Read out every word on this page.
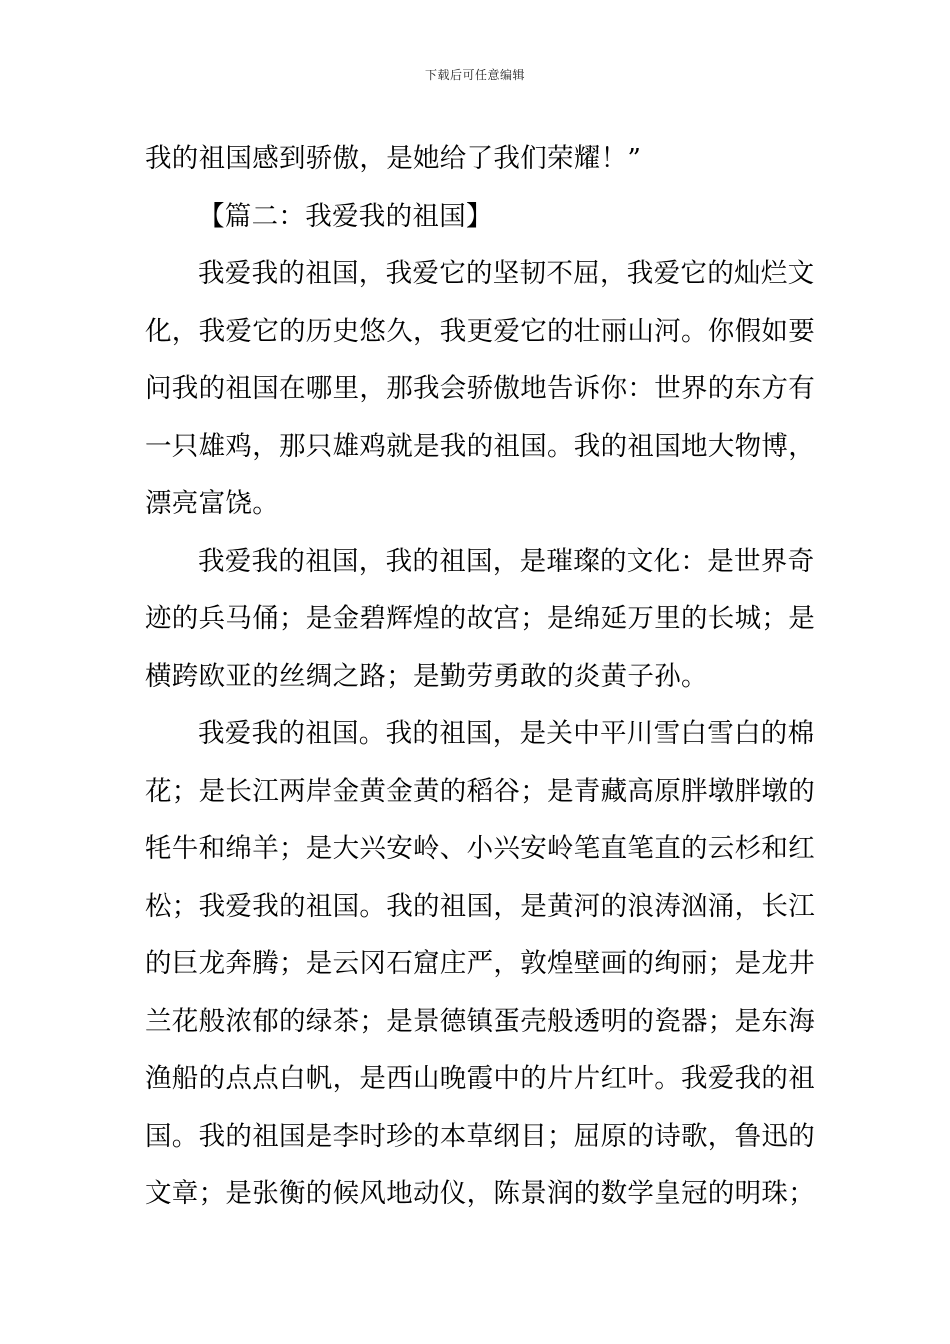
下载后可任意编辑
我的祖国感到骄傲，是她给了我们荣耀！”
【篇二：我爱我的祖国】
我爱我的祖国，我爱它的坚韧不屈，我爱它的灿烂文
化，我爱它的历史悠久，我更爱它的壮丽山河。你假如要
问我的祖国在哪里，那我会骄傲地告诉你：世界的东方有
一只雄鸡，那只雄鸡就是我的祖国。我的祖国地大物博，
漂亮富饶。
我爱我的祖国，我的祖国，是璀璨的文化：是世界奇
迹的兵马俑；是金碧辉煌的故宫；是绵延万里的长城；是
横跨欧亚的丝绸之路；是勤劳勇敢的炎黄子孙。
我爱我的祖国。我的祖国，是关中平川雪白雪白的棉
花；是长江两岸金黄金黄的稻谷；是青藏高原胖墩胖墩的
牦牛和绵羊；是大兴安岭、小兴安岭笔直笔直的云杉和红
松；我爱我的祖国。我的祖国，是黄河的浪涛汹涌，长江
的巨龙奔腾；是云冈石窟庄严，敦煌壁画的绚丽；是龙井
兰花般浓郁的绿茶；是景德镇蛋壳般透明的瓷器；是东海
渔船的点点白帆，是西山晚霞中的片片红叶。我爱我的祖
国。我的祖国是李时珍的本草纲目；屈原的诗歌，鲁迅的
文章；是张衡的候风地动仪，陈景润的数学皇冠的明珠；
